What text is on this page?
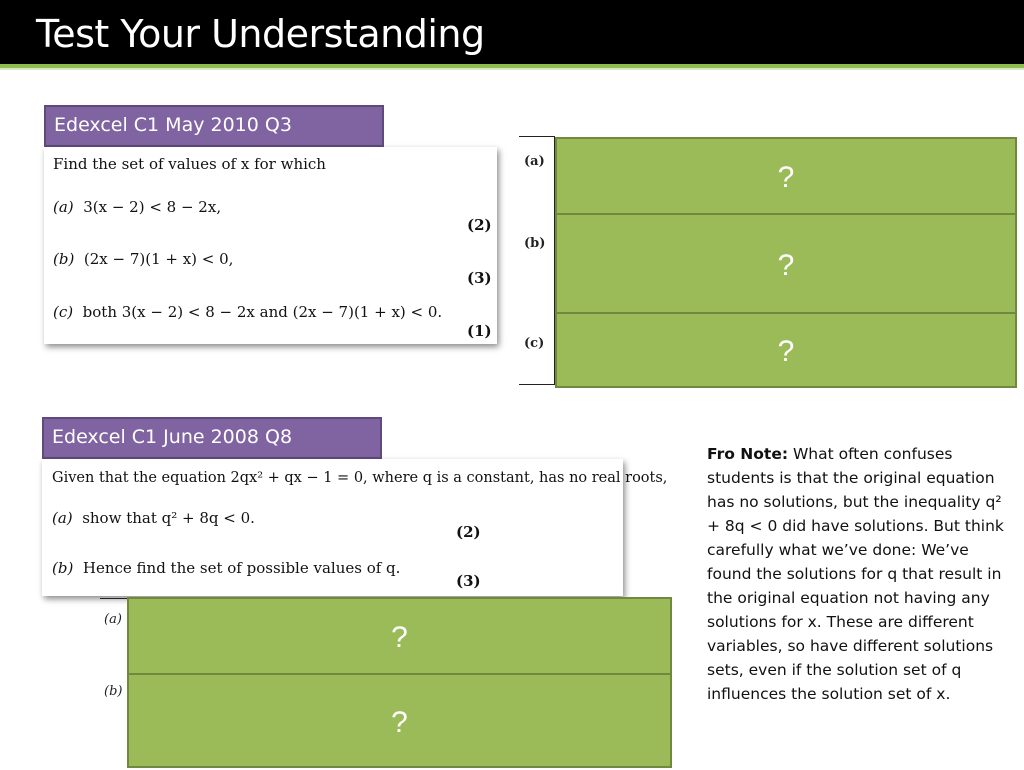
Test Your Understanding
Edexcel C1 May 2010 Q3
Find the set of values of x for which
(a) 3(x − 2) < 8 − 2x,
(2)
(b) (2x − 7)(1 + x) < 0,
(3)
(c) both 3(x − 2) < 8 − 2x and (2x − 7)(1 + x) < 0.
(1)
(a)
(b)
(c)
?
?
?
Edexcel C1 June 2008 Q8
Given that the equation 2qx² + qx − 1 = 0, where q is a constant, has no real roots,
(a) show that q² + 8q < 0.
(2)
(b) Hence find the set of possible values of q.
(3)
(a)
(b)
?
?
Fro Note: What often confuses students is that the original equation has no solutions, but the inequality q² + 8q < 0 did have solutions. But think carefully what we’ve done: We’ve found the solutions for q that result in the original equation not having any solutions for x. These are different variables, so have different solutions sets, even if the solution set of q influences the solution set of x.
